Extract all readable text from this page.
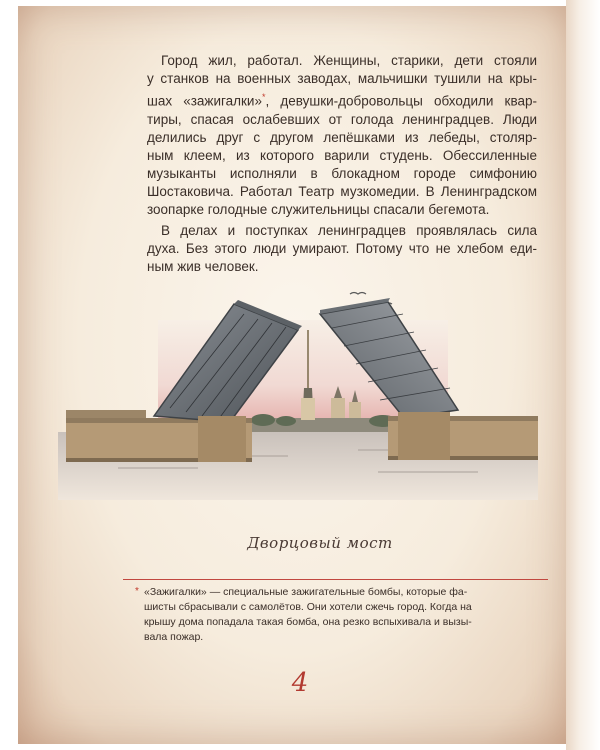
Город жил, работал. Женщины, старики, дети стояли
у станков на военных заводах, мальчишки тушили на кры-
шах «зажигалки»*, девушки-добровольцы обходили квар-
тиры, спасая ослабевших от голода ленинградцев. Люди
делились друг с другом лепёшками из лебеды, столяр-
ным клеем, из которого варили студень. Обессиленные
музыканты исполняли в блокадном городе симфонию
Шостаковича. Работал Театр музкомедии. В Ленинградском
зоопарке голодные служительницы спасали бегемота.
В делах и поступках ленинградцев проявлялась сила
духа. Без этого люди умирают. Потому что не хлебом еди-
ным жив человек.
Дворцовый мост
* «Зажигалки» — специальные зажигательные бомбы, которые фа-
шисты сбрасывали с самолётов. Они хотели сжечь город. Когда на
крышу дома попадала такая бомба, она резко вспыхивала и вызы-
вала пожар.
4
